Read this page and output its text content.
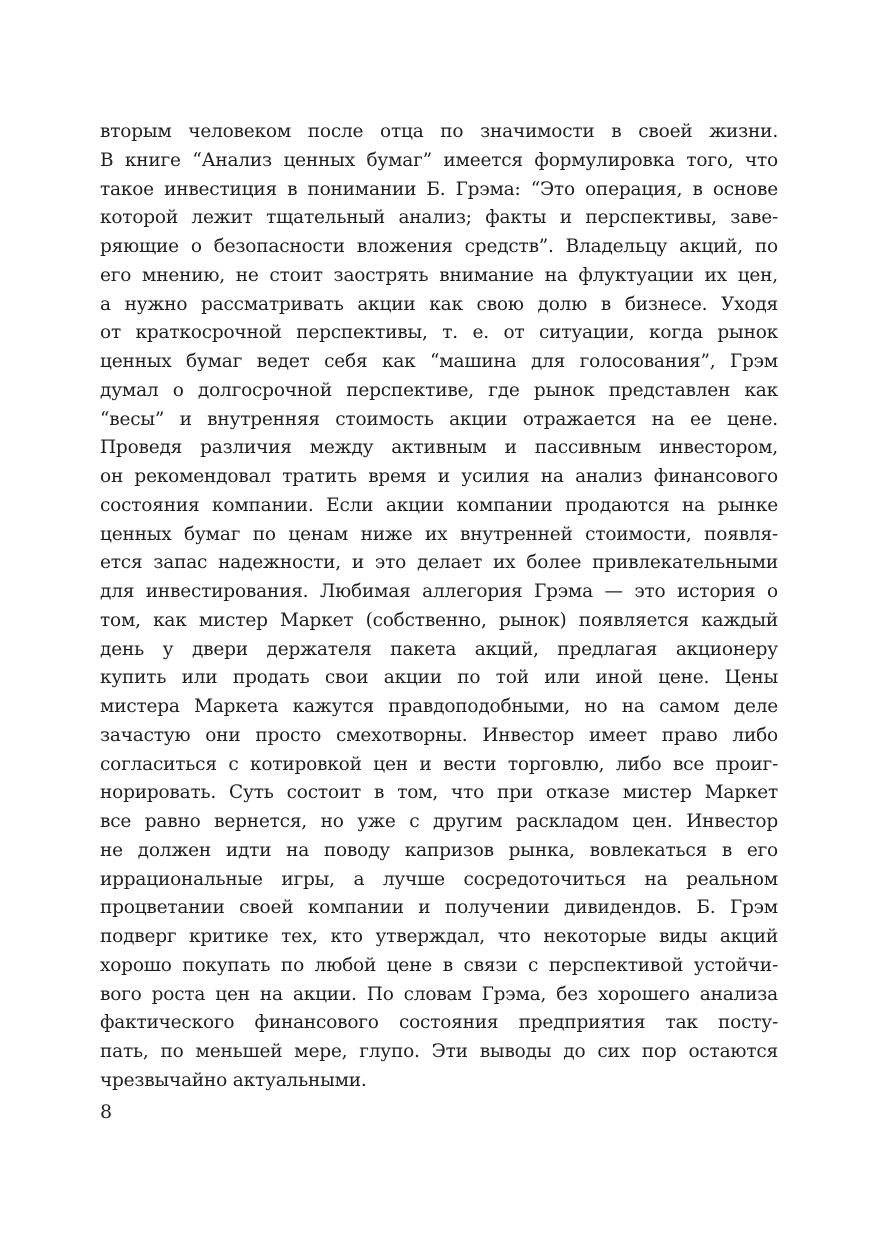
вторым человеком после отца по значимости в своей жизни.
В книге “Анализ ценных бумаг” имеется формулировка того, что
такое инвестиция в понимании Б. Грэма: “Это операция, в основе
которой лежит тщательный анализ; факты и перспективы, заве-
ряющие о безопасности вложения средств”. Владельцу акций, по
его мнению, не стоит заострять внимание на флуктуации их цен,
а нужно рассматривать акции как свою долю в бизнесе. Уходя
от краткосрочной перспективы, т. е. от ситуации, когда рынок
ценных бумаг ведет себя как “машина для голосования”, Грэм
думал о долгосрочной перспективе, где рынок представлен как
“весы” и внутренняя стоимость акции отражается на ее цене.
Проведя различия между активным и пассивным инвестором,
он рекомендовал тратить время и усилия на анализ финансового
состояния компании. Если акции компании продаются на рынке
ценных бумаг по ценам ниже их внутренней стоимости, появля-
ется запас надежности, и это делает их более привлекательными
для инвестирования. Любимая аллегория Грэма — это история о
том, как мистер Маркет (собственно, рынок) появляется каждый
день у двери держателя пакета акций, предлагая акционеру
купить или продать свои акции по той или иной цене. Цены
мистера Маркета кажутся правдоподобными, но на самом деле
зачастую они просто смехотворны. Инвестор имеет право либо
согласиться с котировкой цен и вести торговлю, либо все проиг-
норировать. Суть состоит в том, что при отказе мистер Маркет
все равно вернется, но уже с другим раскладом цен. Инвестор
не должен идти на поводу капризов рынка, вовлекаться в его
иррациональные игры, а лучше сосредоточиться на реальном
процветании своей компании и получении дивидендов. Б. Грэм
подверг критике тех, кто утверждал, что некоторые виды акций
хорошо покупать по любой цене в связи с перспективой устойчи-
вого роста цен на акции. По словам Грэма, без хорошего анализа
фактического финансового состояния предприятия так посту-
пать, по меньшей мере, глупо. Эти выводы до сих пор остаются
чрезвычайно актуальными.
8
